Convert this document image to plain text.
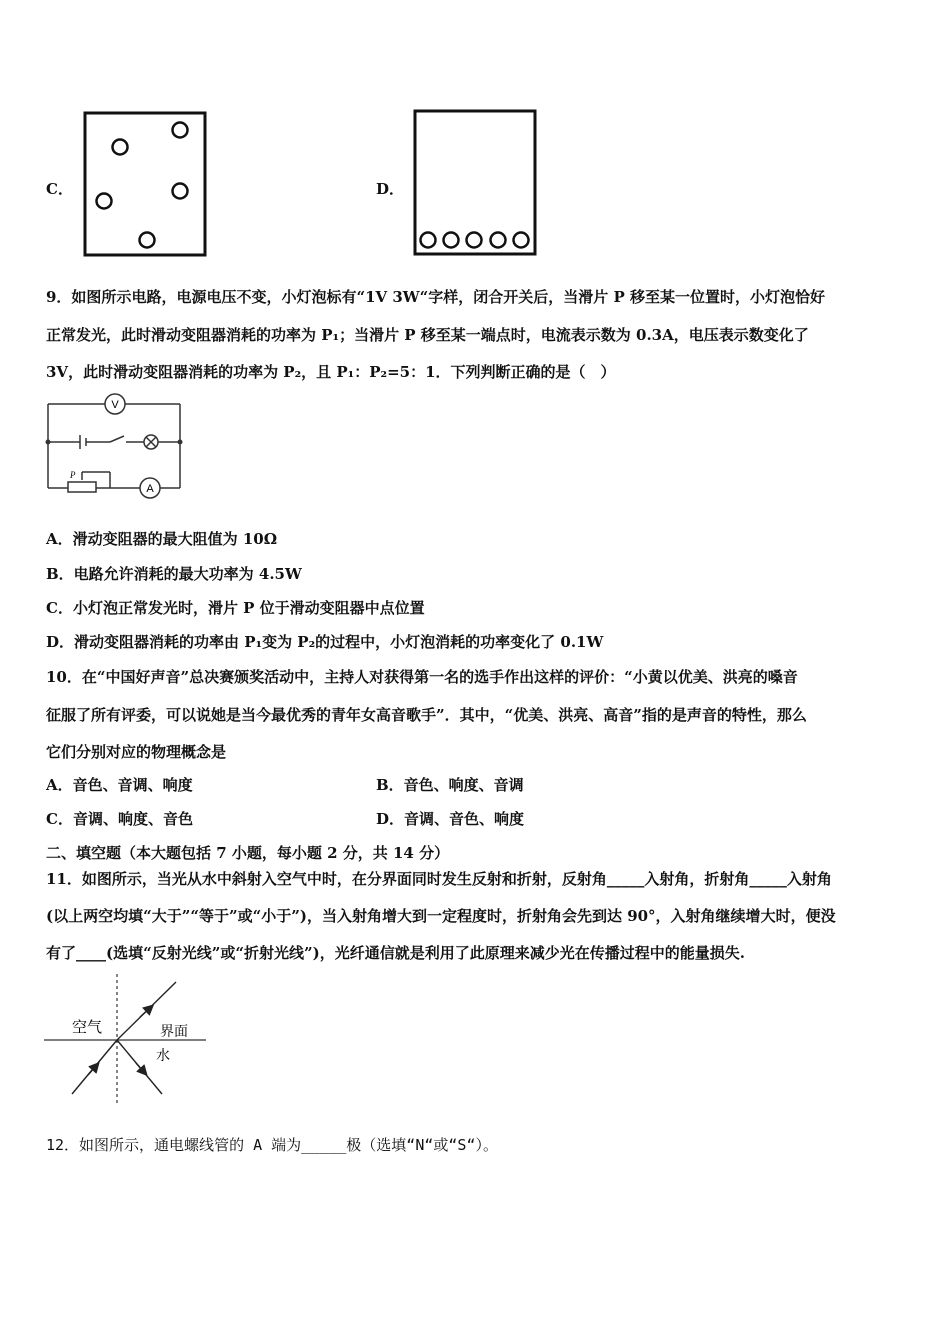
C．	D．
9．如图所示电路，电源电压不变，小灯泡标有“1V 3W“字样，闭合开关后，当滑片 P 移至某一位置时，小灯泡恰好
正常发光，此时滑动变阻器消耗的功率为 P₁；当滑片 P 移至某一端点时，电流表示数为 0.3A，电压表示数变化了
3V，此时滑动变阻器消耗的功率为 P₂，且 P₁：P₂=5：1．下列判断正确的是（　）
V
A
P
A．滑动变阻器的最大阻值为 10Ω
B．电路允许消耗的最大功率为 4.5W
C．小灯泡正常发光时，滑片 P 位于滑动变阻器中点位置
D．滑动变阻器消耗的功率由 P₁变为 P₂的过程中，小灯泡消耗的功率变化了 0.1W
10．在“中国好声音”总决赛颁奖活动中，主持人对获得第一名的选手作出这样的评价：“小黄以优美、洪亮的嗓音
征服了所有评委，可以说她是当今最优秀的青年女高音歌手”．其中，“优美、洪亮、高音”指的是声音的特性，那么
它们分别对应的物理概念是
A．音色、音调、响度	B．音色、响度、音调
C．音调、响度、音色	D．音调、音色、响度
二、填空题（本大题包括 7 小题，每小题 2 分，共 14 分）
11．如图所示，当光从水中斜射入空气中时，在分界面同时发生反射和折射，反射角_____入射角，折射角_____入射角
(以上两空均填“大于”“等于”或“小于”)，当入射角增大到一定程度时，折射角会先到达 90°，入射角继续增大时，便没
有了____(选填“反射光线”或“折射光线”)，光纤通信就是利用了此原理来减少光在传播过程中的能量损失.
空气	界面
水
12．如图所示，通电螺线管的 A 端为_____极（选填“N“或“S“）。
